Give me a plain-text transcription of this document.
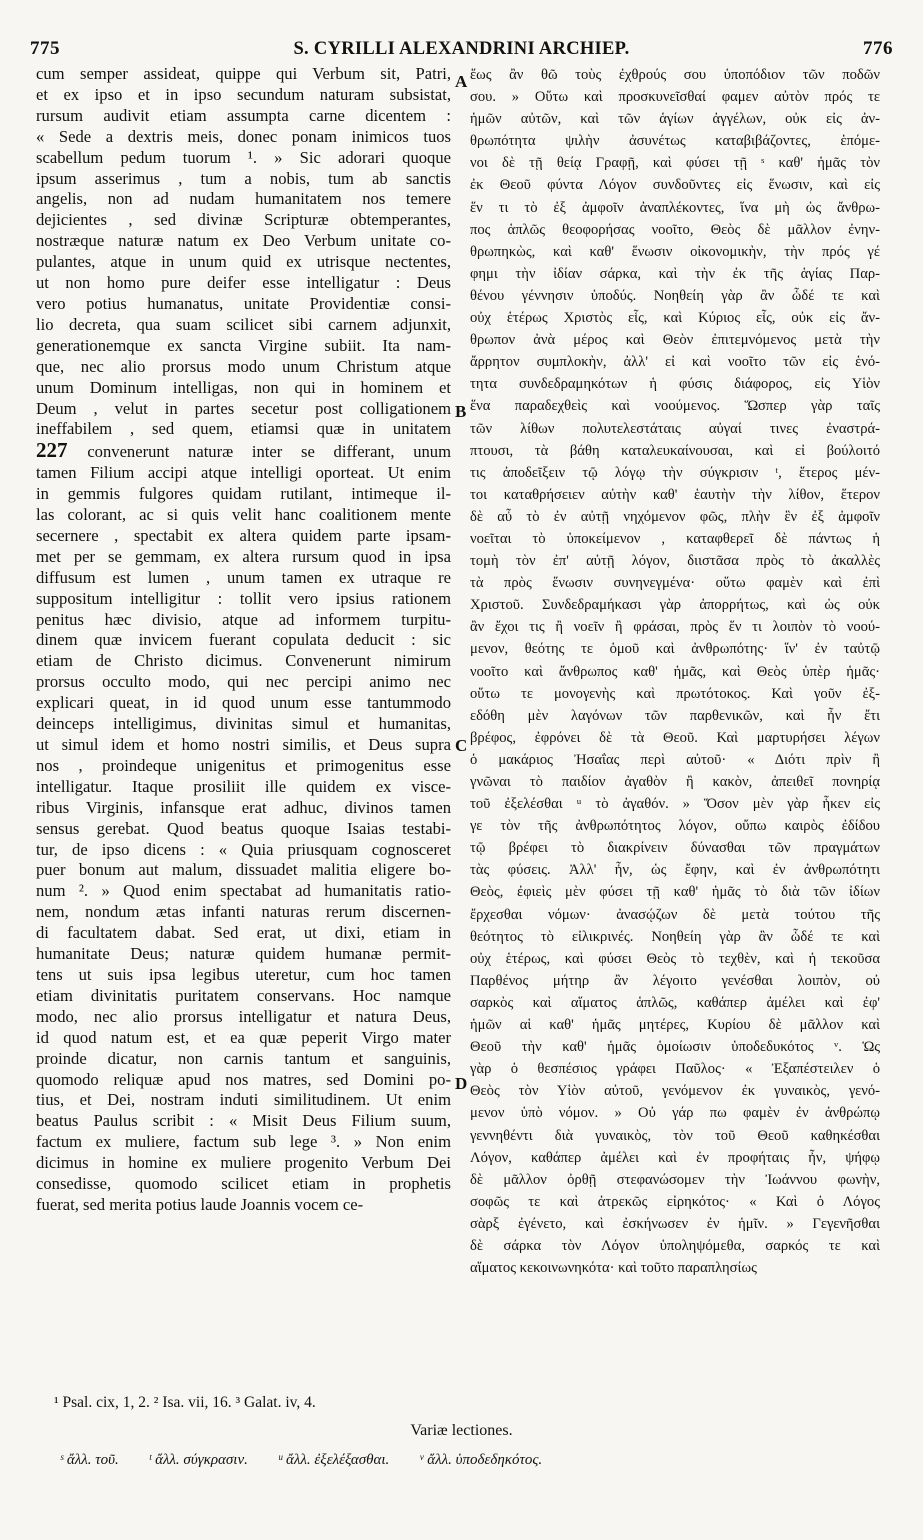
775	S. CYRILLI ALEXANDRINI ARCHIEP.	776

cum semper assideat, quippe qui Verbum sit, Patri,

et ex ipso et in ipso secundum naturam subsistat,

rursum audivit etiam assumpta carne dicentem :

« Sede a dextris meis, donec ponam inimicos tuos

scabellum pedum tuorum ¹. » Sic adorari quoque

ipsum asserimus , tum a nobis, tum ab sanctis

angelis, non ad nudam humanitatem nos temere

dejicientes , sed divinæ Scripturæ obtemperantes,

nostræque naturæ natum ex Deo Verbum unitate co-

pulantes, atque in unum quid ex utrisque nectentes,

ut non homo pure deifer esse intelligatur : Deus

vero potius humanatus, unitate Providentiæ consi-

lio decreta, qua suam scilicet sibi carnem adjunxit,

generationemque ex sancta Virgine subiit. Ita nam-

que, nec alio prorsus modo unum Christum atque

unum Dominum intelligas, non qui in hominem et

Deum , velut in partes secetur post colligationem

ineffabilem , sed quem, etiamsi quæ in unitatem

227 convenerunt naturæ inter se differant, unum

tamen Filium accipi atque intelligi oporteat. Ut enim

in gemmis fulgores quidam rutilant, intimeque il-

las colorant, ac si quis velit hanc coalitionem mente

secernere , spectabit ex altera quidem parte ipsam-

met per se gemmam, ex altera rursum quod in ipsa

diffusum est lumen , unum tamen ex utraque re

suppositum intelligitur : tollit vero ipsius rationem

penitus hæc divisio, atque ad informem turpitu-

dinem quæ invicem fuerant copulata deducit : sic

etiam de Christo dicimus. Convenerunt nimirum

prorsus occulto modo, qui nec percipi animo nec

explicari queat, in id quod unum esse tantummodo

deinceps intelligimus, divinitas simul et humanitas,

ut simul idem et homo nostri similis, et Deus supra

nos , proindeque unigenitus et primogenitus esse

intelligatur. Itaque prosiliit ille quidem ex visce-

ribus Virginis, infansque erat adhuc, divinos tamen

sensus gerebat. Quod beatus quoque Isaias testabi-

tur, de ipso dicens : « Quia priusquam cognosceret

puer bonum aut malum, dissuadet malitia eligere bo-

num ². » Quod enim spectabat ad humanitatis ratio-

nem, nondum ætas infanti naturas rerum discernen-

di facultatem dabat. Sed erat, ut dixi, etiam in

humanitate Deus; naturæ quidem humanæ permit-

tens ut suis ipsa legibus uteretur, cum hoc tamen

etiam divinitatis puritatem conservans. Hoc namque

modo, nec alio prorsus intelligatur et natura Deus,

id quod natum est, et ea quæ peperit Virgo mater

proinde dicatur, non carnis tantum et sanguinis,

quomodo reliquæ apud nos matres, sed Domini po-

tius, et Dei, nostram induti similitudinem. Ut enim

beatus Paulus scribit : « Misit Deus Filium suum,

factum ex muliere, factum sub lege ³. » Non enim

dicimus in homine ex muliere progenito Verbum Dei

consedisse, quomodo scilicet etiam in prophetis

fuerat, sed merita potius laude Joannis vocem ce-

ἕως ἂν θῶ τοὺς ἐχθρούς σου ὑποπόδιον τῶν ποδῶν

σου. » Οὕτω καὶ προσκυνεῖσθαί φαμεν αὐτὸν πρός τε

ἡμῶν αὐτῶν, καὶ τῶν ἁγίων ἀγγέλων, οὐκ εἰς ἀν-

θρωπότητα ψιλὴν ἀσυνέτως καταβιβάζοντες, ἑπόμε-

νοι δὲ τῇ θείᾳ Γραφῇ, καὶ φύσει τῇ ˢ καθ' ἡμᾶς τὸν

ἐκ Θεοῦ φύντα Λόγον συνδοῦντες εἰς ἕνωσιν, καὶ εἰς

ἕν τι τὸ ἐξ ἀμφοῖν ἀναπλέκοντες, ἵνα μὴ ὡς ἄνθρω-

πος ἁπλῶς θεοφορήσας νοοῖτο, Θεὸς δὲ μᾶλλον ἐνην-

θρωπηκὼς, καὶ καθ' ἕνωσιν οἰκονομικὴν, τὴν πρός γέ

φημι τὴν ἰδίαν σάρκα, καὶ τὴν ἐκ τῆς ἁγίας Παρ-

θένου γέννησιν ὑποδύς. Νοηθείη γὰρ ἂν ὧδέ τε καὶ

οὐχ ἑτέρως Χριστὸς εἷς, καὶ Κύριος εἷς, οὐκ εἰς ἄν-

θρωπον ἀνὰ μέρος καὶ Θεὸν ἐπιτεμνόμενος μετὰ τὴν

ἄρρητον συμπλοκὴν, ἀλλ' εἰ καὶ νοοῖτο τῶν εἰς ἑνό-

τητα συνδεδραμηκότων ἡ φύσις διάφορος, εἰς Υἱὸν

ἕνα παραδεχθεὶς καὶ νοούμενος. Ὥσπερ γὰρ ταῖς

τῶν λίθων πολυτελεστάταις αὐγαί τινες ἐναστρά-

πτουσι, τὰ βάθη καταλευκαίνουσαι, καὶ εἰ βούλοιτό

τις ἀποδεῖξειν τῷ λόγῳ τὴν σύγκρισιν ᵗ, ἕτερος μέν-

τοι καταθρήσειεν αὐτὴν καθ' ἑαυτὴν τὴν λίθον, ἕτερον

δὲ αὖ τὸ ἐν αὐτῇ νηχόμενον φῶς, πλὴν ἓν ἐξ ἀμφοῖν

νοεῖται τὸ ὑποκείμενον , καταφθερεῖ δὲ πάντως ἡ

τομὴ τὸν ἐπ' αὐτῇ λόγον, διιστᾶσα πρὸς τὸ ἀκαλλὲς

τὰ πρὸς ἕνωσιν συνηνεγμένα· οὕτω φαμὲν καὶ ἐπὶ

Χριστοῦ. Συνδεδραμήκασι γὰρ ἀπορρήτως, καὶ ὡς οὐκ

ἂν ἔχοι τις ἢ νοεῖν ἢ φράσαι, πρὸς ἕν τι λοιπὸν τὸ νοού-

μενον, θεότης τε ὁμοῦ καὶ ἀνθρωπότης· ἵν' ἐν ταὐτῷ

νοοῖτο καὶ ἄνθρωπος καθ' ἡμᾶς, καὶ Θεὸς ὑπὲρ ἡμᾶς·

οὕτω τε μονογενὴς καὶ πρωτότοκος. Καὶ γοῦν ἐξ-

εδόθη μὲν λαγόνων τῶν παρθενικῶν, καὶ ἦν ἔτι

βρέφος, ἐφρόνει δὲ τὰ Θεοῦ. Καὶ μαρτυρήσει λέγων

ὁ μακάριος Ἠσαΐας περὶ αὐτοῦ· « Διότι πρὶν ἢ

γνῶναι τὸ παιδίον ἀγαθὸν ἢ κακὸν, ἀπειθεῖ πονηρίᾳ

τοῦ ἐξελέσθαι ᵘ τὸ ἀγαθόν. » Ὅσον μὲν γὰρ ἧκεν εἰς

γε τὸν τῆς ἀνθρωπότητος λόγον, οὔπω καιρὸς ἐδίδου

τῷ βρέφει τὸ διακρίνειν δύνασθαι τῶν πραγμάτων

τὰς φύσεις. Ἀλλ' ἦν, ὡς ἔφην, καὶ ἐν ἀνθρωπότητι

Θεὸς, ἐφιεὶς μὲν φύσει τῇ καθ' ἡμᾶς τὸ διὰ τῶν ἰδίων

ἔρχεσθαι νόμων· ἀνασῴζων δὲ μετὰ τούτου τῆς

θεότητος τὸ εἰλικρινές. Νοηθείη γὰρ ἂν ὧδέ τε καὶ

οὐχ ἑτέρως, καὶ φύσει Θεὸς τὸ τεχθὲν, καὶ ἡ τεκοῦσα

Παρθένος μήτηρ ἂν λέγοιτο γενέσθαι λοιπὸν, οὐ

σαρκὸς καὶ αἵματος ἁπλῶς, καθάπερ ἀμέλει καὶ ἐφ'

ἡμῶν αἱ καθ' ἡμᾶς μητέρες, Κυρίου δὲ μᾶλλον καὶ

Θεοῦ τὴν καθ' ἡμᾶς ὁμοίωσιν ὑποδεδυκότος ᵛ. Ὡς

γὰρ ὁ θεσπέσιος γράφει Παῦλος· « Ἐξαπέστειλεν ὁ

Θεὸς τὸν Υἱὸν αὐτοῦ, γενόμενον ἐκ γυναικὸς, γενό-

μενον ὑπὸ νόμον. » Οὐ γάρ πω φαμὲν ἐν ἀνθρώπῳ

γεννηθέντι διὰ γυναικὸς, τὸν τοῦ Θεοῦ καθηκέσθαι

Λόγον, καθάπερ ἀμέλει καὶ ἐν προφήταις ἦν, ψήφῳ

δὲ μᾶλλον ὀρθῇ στεφανώσομεν τὴν Ἰωάννου φωνὴν,

σοφῶς τε καὶ ἀτρεκῶς εἰρηκότος· « Καὶ ὁ Λόγος

σὰρξ ἐγένετο, καὶ ἐσκήνωσεν ἐν ἡμῖν. » Γεγενῆσθαι

δὲ σάρκα τὸν Λόγον ὑποληψόμεθα, σαρκός τε καὶ

αἵματος κεκοινωνηκότα· καὶ τοῦτο παραπλησίως

A
B
C
D
¹ Psal. cix, 1, 2. ² Isa. vii, 16. ³ Galat. iv, 4.
Variæ lectiones.
ˢ ἄλλ. τοῦ. ᵗ ἄλλ. σύγκρασιν. ᵘ ἄλλ. ἐξελέξασθαι. ᵛ ἄλλ. ὑποδεδηκότος.
